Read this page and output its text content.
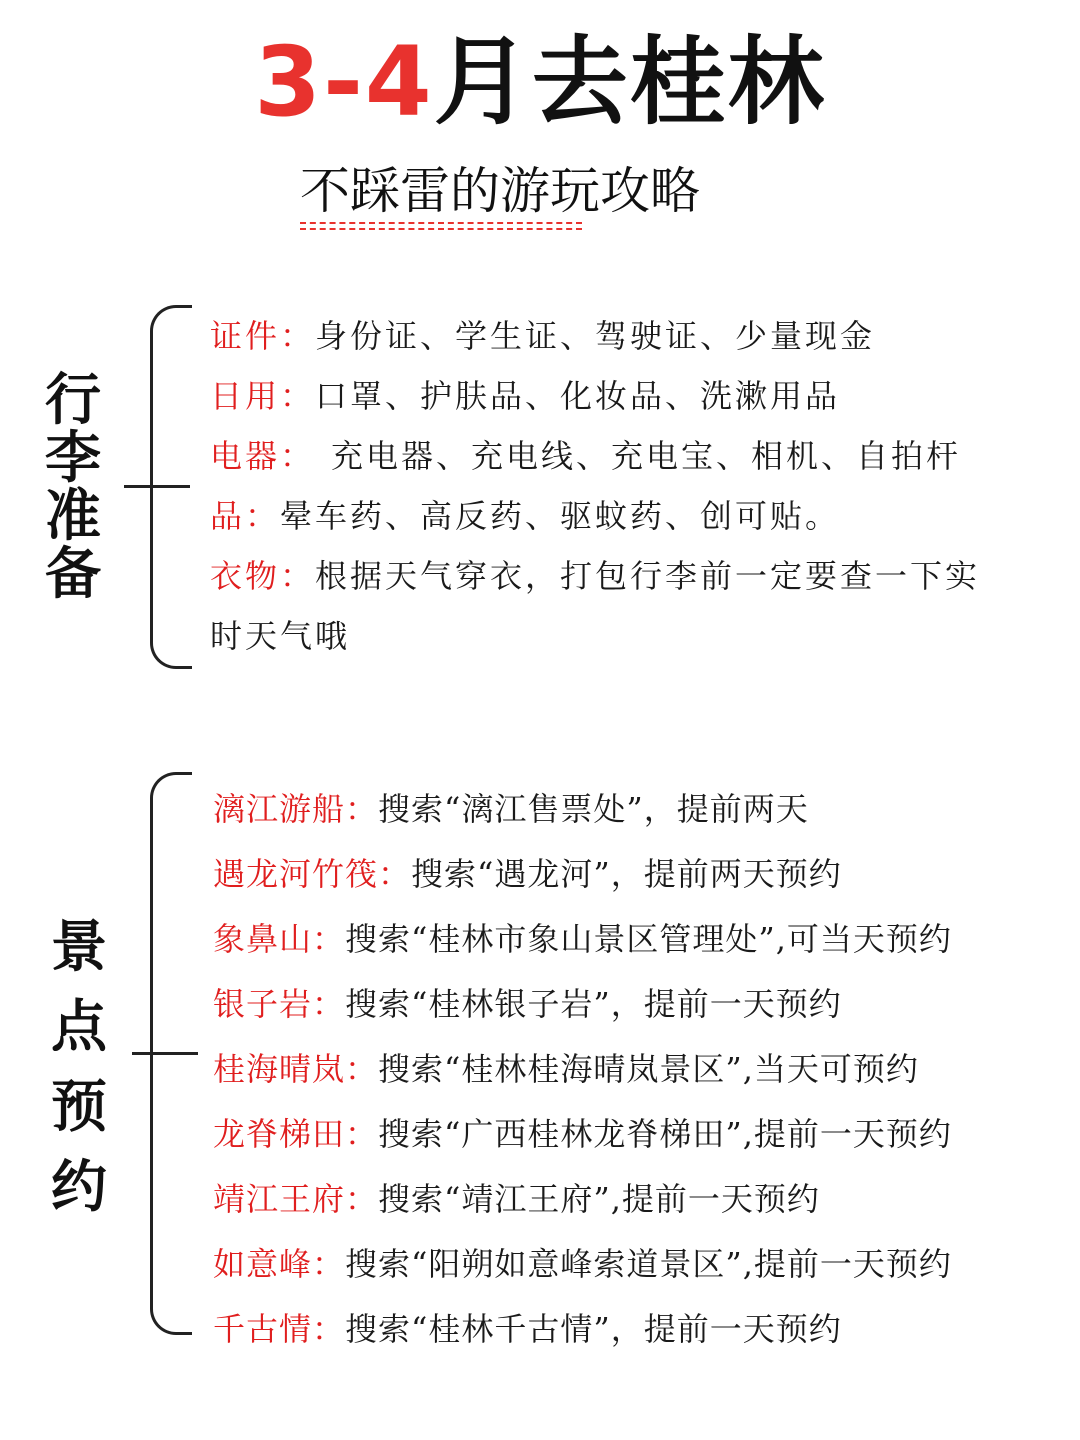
3-4月去桂林
不踩雷的游玩攻略
行
李
准
备
证件：身份证、学生证、驾驶证、少量现金
日用：口罩、护肤品、化妆品、洗漱用品
电器： 充电器、充电线、充电宝、相机、自拍杆
品：晕车药、高反药、驱蚊药、创可贴。
衣物：根据天气穿衣，打包行李前一定要查一下实
时天气哦
景
点
预
约
漓江游船：搜索“漓江售票处”，提前两天
遇龙河竹筏：搜索“遇龙河”，提前两天预约
象鼻山：搜索“桂林市象山景区管理处”,可当天预约
银子岩：搜索“桂林银子岩”，提前一天预约
桂海晴岚：搜索“桂林桂海晴岚景区”,当天可预约
龙脊梯田：搜索“广西桂林龙脊梯田”,提前一天预约
靖江王府：搜索“靖江王府”,提前一天预约
如意峰：搜索“阳朔如意峰索道景区”,提前一天预约
千古情：搜索“桂林千古情”，提前一天预约
